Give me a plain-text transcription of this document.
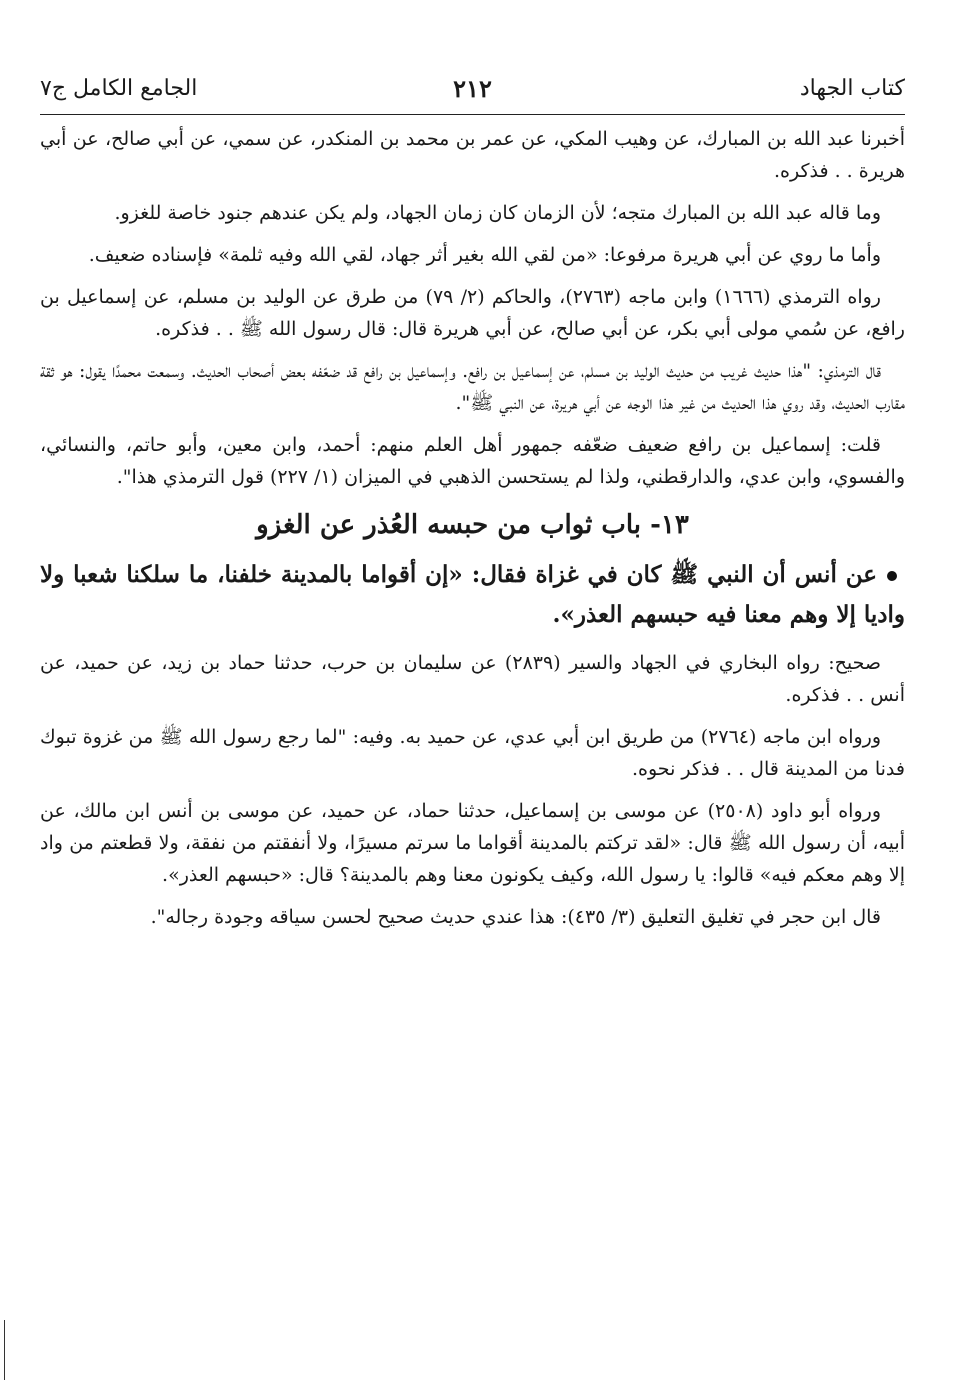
كتاب الجهاد
٢١٢
الجامع الكامل ج٧

أخبرنا عبد الله بن المبارك، عن وهيب المكي، عن عمر بن محمد بن المنكدر، عن سمي، عن أبي صالح، عن أبي هريرة . . فذكره.

وما قاله عبد الله بن المبارك متجه؛ لأن الزمان كان زمان الجهاد، ولم يكن عندهم جنود خاصة للغزو.

وأما ما روي عن أبي هريرة مرفوعا: «من لقي الله بغير أثر جهاد، لقي الله وفيه ثلمة» فإسناده ضعيف.

رواه الترمذي (١٦٦٦) وابن ماجه (٢٧٦٣)، والحاكم (٢/ ٧٩) من طرق عن الوليد بن مسلم، عن إسماعيل بن رافع، عن سُمي مولى أبي بكر، عن أبي صالح، عن أبي هريرة قال: قال رسول الله ﷺ . . فذكره.

قال الترمذي: "هذا حديث غريب من حديث الوليد بن مسلم، عن إسماعيل بن رافع. وإسماعيل بن رافع قد ضعّفه بعض أصحاب الحديث. وسمعت محمدًا يقول: هو ثقة مقارب الحديث، وقد روي هذا الحديث من غير هذا الوجه عن أبي هريرة، عن النبي ﷺ".

قلت: إسماعيل بن رافع ضعيف ضعّفه جمهور أهل العلم منهم: أحمد، وابن معين، وأبو حاتم، والنسائي، والفسوي، وابن عدي، والدارقطني، ولذا لم يستحسن الذهبي في الميزان (١/ ٢٢٧) قول الترمذي هذا".

١٣- باب ثواب من حبسه العُذر عن الغزو

عن أنس أن النبي ﷺ كان في غزاة فقال: «إن أقواما بالمدينة خلفنا، ما سلكنا شعبا ولا واديا إلا وهم معنا فيه حبسهم العذر».

صحيح: رواه البخاري في الجهاد والسير (٢٨٣٩) عن سليمان بن حرب، حدثنا حماد بن زيد، عن حميد، عن أنس . . فذكره.

ورواه ابن ماجه (٢٧٦٤) من طريق ابن أبي عدي، عن حميد به. وفيه: "لما رجع رسول الله ﷺ من غزوة تبوك فدنا من المدينة قال . . فذكر نحوه.

ورواه أبو داود (٢٥٠٨) عن موسى بن إسماعيل، حدثنا حماد، عن حميد، عن موسى بن أنس ابن مالك، عن أبيه، أن رسول الله ﷺ قال: «لقد تركتم بالمدينة أقواما ما سرتم مسيرًا، ولا أنفقتم من نفقة، ولا قطعتم من واد إلا وهم معكم فيه» قالوا: يا رسول الله، وكيف يكونون معنا وهم بالمدينة؟ قال: «حبسهم العذر».

قال ابن حجر في تغليق التعليق (٣/ ٤٣٥): هذا عندي حديث صحيح لحسن سياقه وجودة رجاله".
